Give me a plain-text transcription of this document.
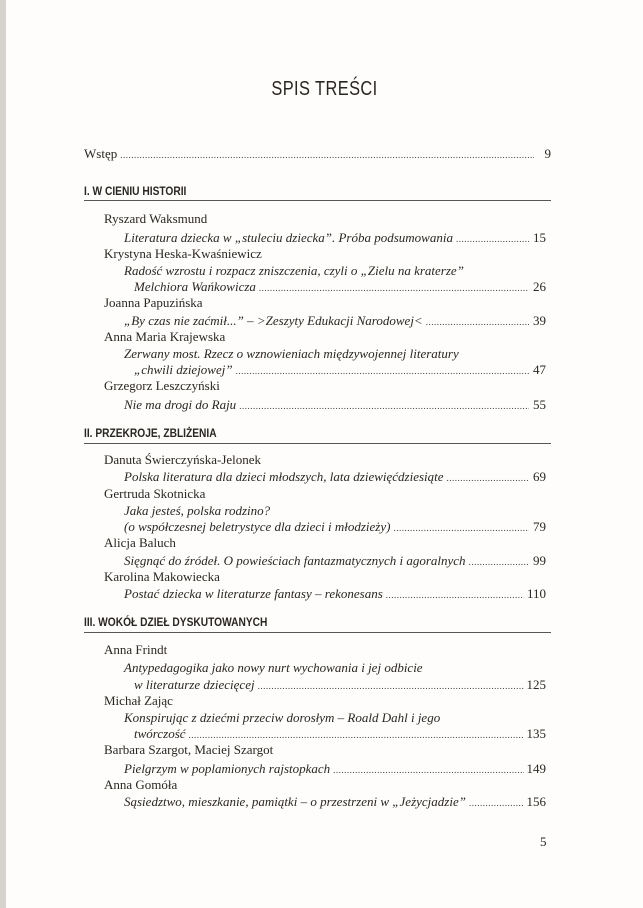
SPIS TREŚCI
Wstęp .....	9
I. W CIENIU HISTORII
Ryszard Waksmund
Literatura dziecka w „stuleciu dziecka”. Próba podsumowania .....	15
Krystyna Heska-Kwaśniewicz
Radość wzrostu i rozpacz zniszczenia, czyli o „Zielu na kraterze”
Melchiora Wańkowicza .....	26
Joanna Papuzińska
„By czas nie zaćmił...” – >Zeszyty Edukacji Narodowej< .....	39
Anna Maria Krajewska
Zerwany most. Rzecz o wznowieniach międzywojennej literatury
„chwili dziejowej” .....	47
Grzegorz Leszczyński
Nie ma drogi do Raju .....	55
II. PRZEKROJE, ZBLIŻENIA
Danuta Świerczyńska-Jelonek
Polska literatura dla dzieci młodszych, lata dziewięćdziesiąte .....	69
Gertruda Skotnicka
Jaka jesteś, polska rodzino?
(o współczesnej beletrystyce dla dzieci i młodzieży) .....	79
Alicja Baluch
Sięgnąć do źródeł. O powieściach fantazmatycznych i agoralnych .....	99
Karolina Makowiecka
Postać dziecka w literaturze fantasy – rekonesans .....	110
III. WOKÓŁ DZIEŁ DYSKUTOWANYCH
Anna Frindt
Antypedagogika jako nowy nurt wychowania i jej odbicie
w literaturze dziecięcej .....	125
Michał Zając
Konspirując z dziećmi przeciw dorosłym – Roald Dahl i jego
twórczość .....	135
Barbara Szargot, Maciej Szargot
Pielgrzym w poplamionych rajstopkach .....	149
Anna Gomóła
Sąsiedztwo, mieszkanie, pamiątki – o przestrzeni w „Jeżycjadzie” .....	156
5
